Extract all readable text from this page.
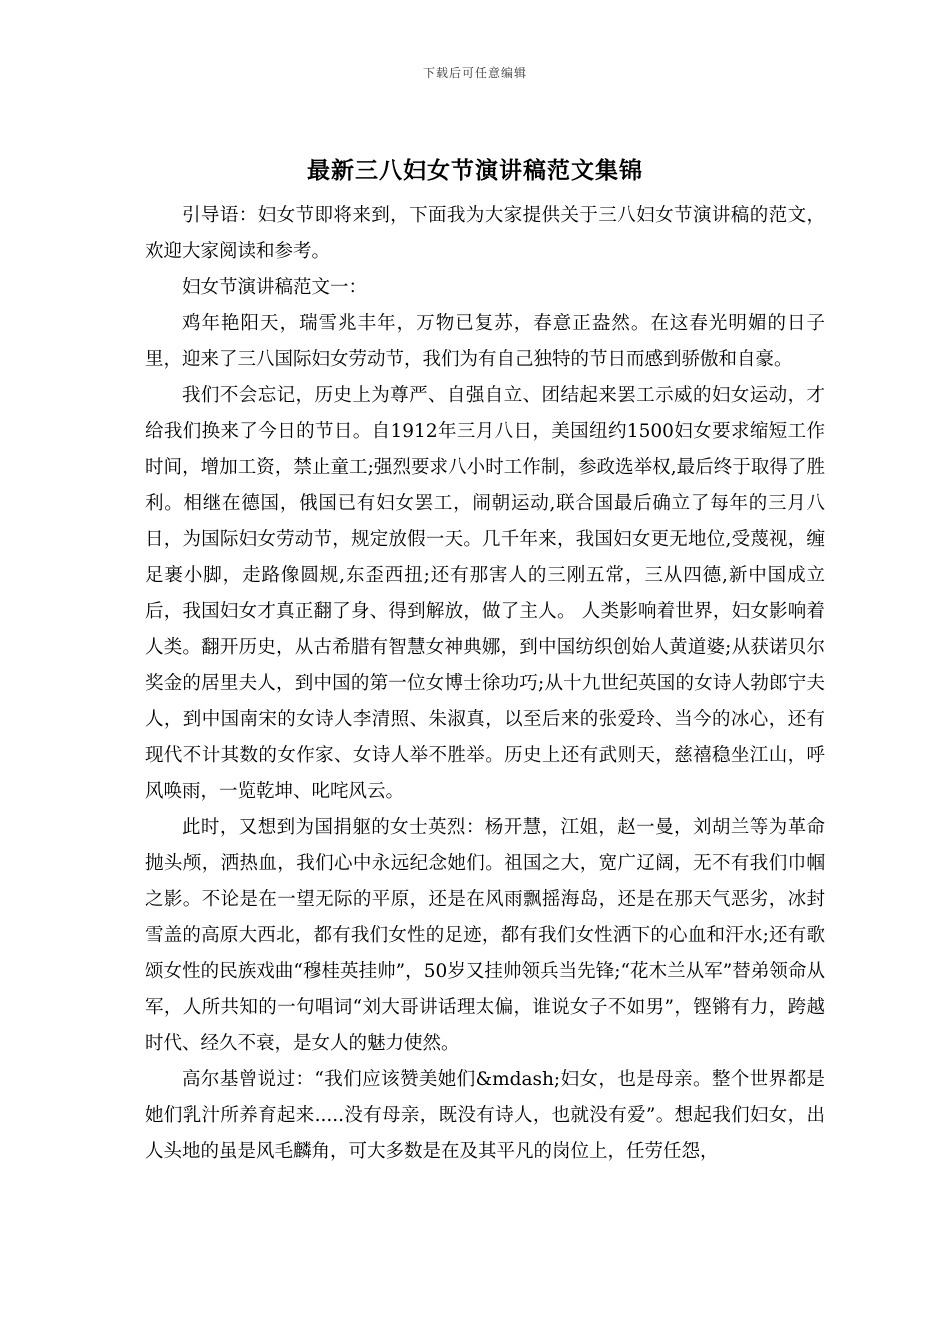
下载后可任意编辑
最新三八妇女节演讲稿范文集锦

引导语：妇女节即将来到，下面我为大家提供关于三八妇女节演讲稿的范文，欢迎大家阅读和参考。

妇女节演讲稿范文一：

鸡年艳阳天，瑞雪兆丰年，万物已复苏，春意正盎然。在这春光明媚的日子里，迎来了三八国际妇女劳动节，我们为有自己独特的节日而感到骄傲和自豪。

我们不会忘记，历史上为尊严、自强自立、团结起来罢工示威的妇女运动，才给我们换来了今日的节日。自1912年三月八日，美国纽约1500妇女要求缩短工作时间，增加工资，禁止童工;强烈要求八小时工作制，参政选举权,最后终于取得了胜利。相继在德国，俄国已有妇女罢工，闹朝运动,联合国最后确立了每年的三月八日，为国际妇女劳动节，规定放假一天。几千年来，我国妇女更无地位,受蔑视，缠足裹小脚，走路像圆规,东歪西扭;还有那害人的三刚五常，三从四德,新中国成立后，我国妇女才真正翻了身、得到解放，做了主人。 人类影响着世界，妇女影响着人类。翻开历史，从古希腊有智慧女神典娜，到中国纺织创始人黄道婆;从获诺贝尔奖金的居里夫人，到中国的第一位女博士徐功巧;从十九世纪英国的女诗人勃郎宁夫人，到中国南宋的女诗人李清照、朱淑真，以至后来的张爱玲、当今的冰心，还有现代不计其数的女作家、女诗人举不胜举。历史上还有武则天，慈禧稳坐江山，呼风唤雨，一览乾坤、叱咤风云。

此时，又想到为国捐躯的女士英烈：杨开慧，江姐，赵一曼，刘胡兰等为革命抛头颅，洒热血，我们心中永远纪念她们。祖国之大，宽广辽阔，无不有我们巾帼之影。不论是在一望无际的平原，还是在风雨飘摇海岛，还是在那天气恶劣，冰封雪盖的高原大西北，都有我们女性的足迹，都有我们女性洒下的心血和汗水;还有歌颂女性的民族戏曲“穆桂英挂帅”，50岁又挂帅领兵当先锋;“花木兰从军”替弟领命从军，人所共知的一句唱词“刘大哥讲话理太偏，谁说女子不如男”，铿锵有力，跨越时代、经久不衰，是女人的魅力使然。

高尔基曾说过：“我们应该赞美她们&mdash;妇女，也是母亲。整个世界都是她们乳汁所养育起来.....没有母亲，既没有诗人，也就没有爱”。想起我们妇女，出人头地的虽是风毛麟角，可大多数是在及其平凡的岗位上，任劳任怨，
